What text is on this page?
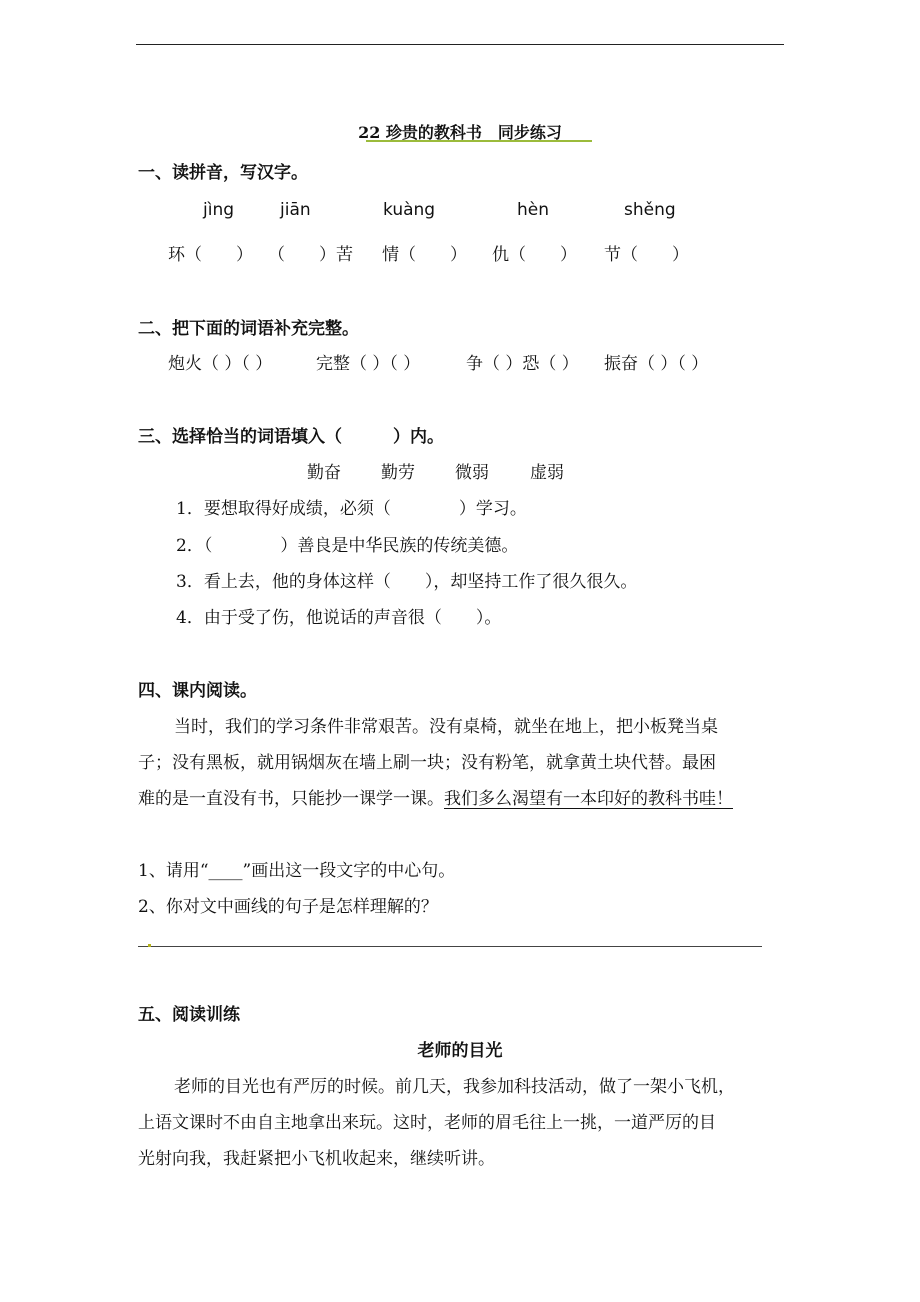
22 珍贵的教科书　同步练习
一、读拼音，写汉字。
jìng	jiān	kuàng	hèn	shěng
环（　　） （　　）苦 情（　　） 仇（　　） 节（　　）
二、把下面的词语补充完整。
炮火（ ）（ ）	完整（ ）（ ）	争（ ）恐（ ） 振奋（ ）（ ）
三、选择恰当的词语填入（　　　）内。
勤奋 勤劳 微弱 虚弱
1．要想取得好成绩，必须（　　　　）学习。
2．（　　　　）善良是中华民族的传统美德。
3．看上去，他的身体这样（　　），却坚持工作了很久很久。
4．由于受了伤，他说话的声音很（　　）。
四、课内阅读。
当时，我们的学习条件非常艰苦。没有桌椅，就坐在地上，把小板凳当桌
子；没有黑板，就用锅烟灰在墙上刷一块；没有粉笔，就拿黄土块代替。最困
难的是一直没有书，只能抄一课学一课。我们多么渴望有一本印好的教科书哇！
1、请用“____”画出这一段文字的中心句。
2、你对文中画线的句子是怎样理解的？
五、阅读训练
老师的目光
老师的目光也有严厉的时候。前几天，我参加科技活动，做了一架小飞机，
上语文课时不由自主地拿出来玩。这时，老师的眉毛往上一挑，一道严厉的目
光射向我，我赶紧把小飞机收起来，继续听讲。
